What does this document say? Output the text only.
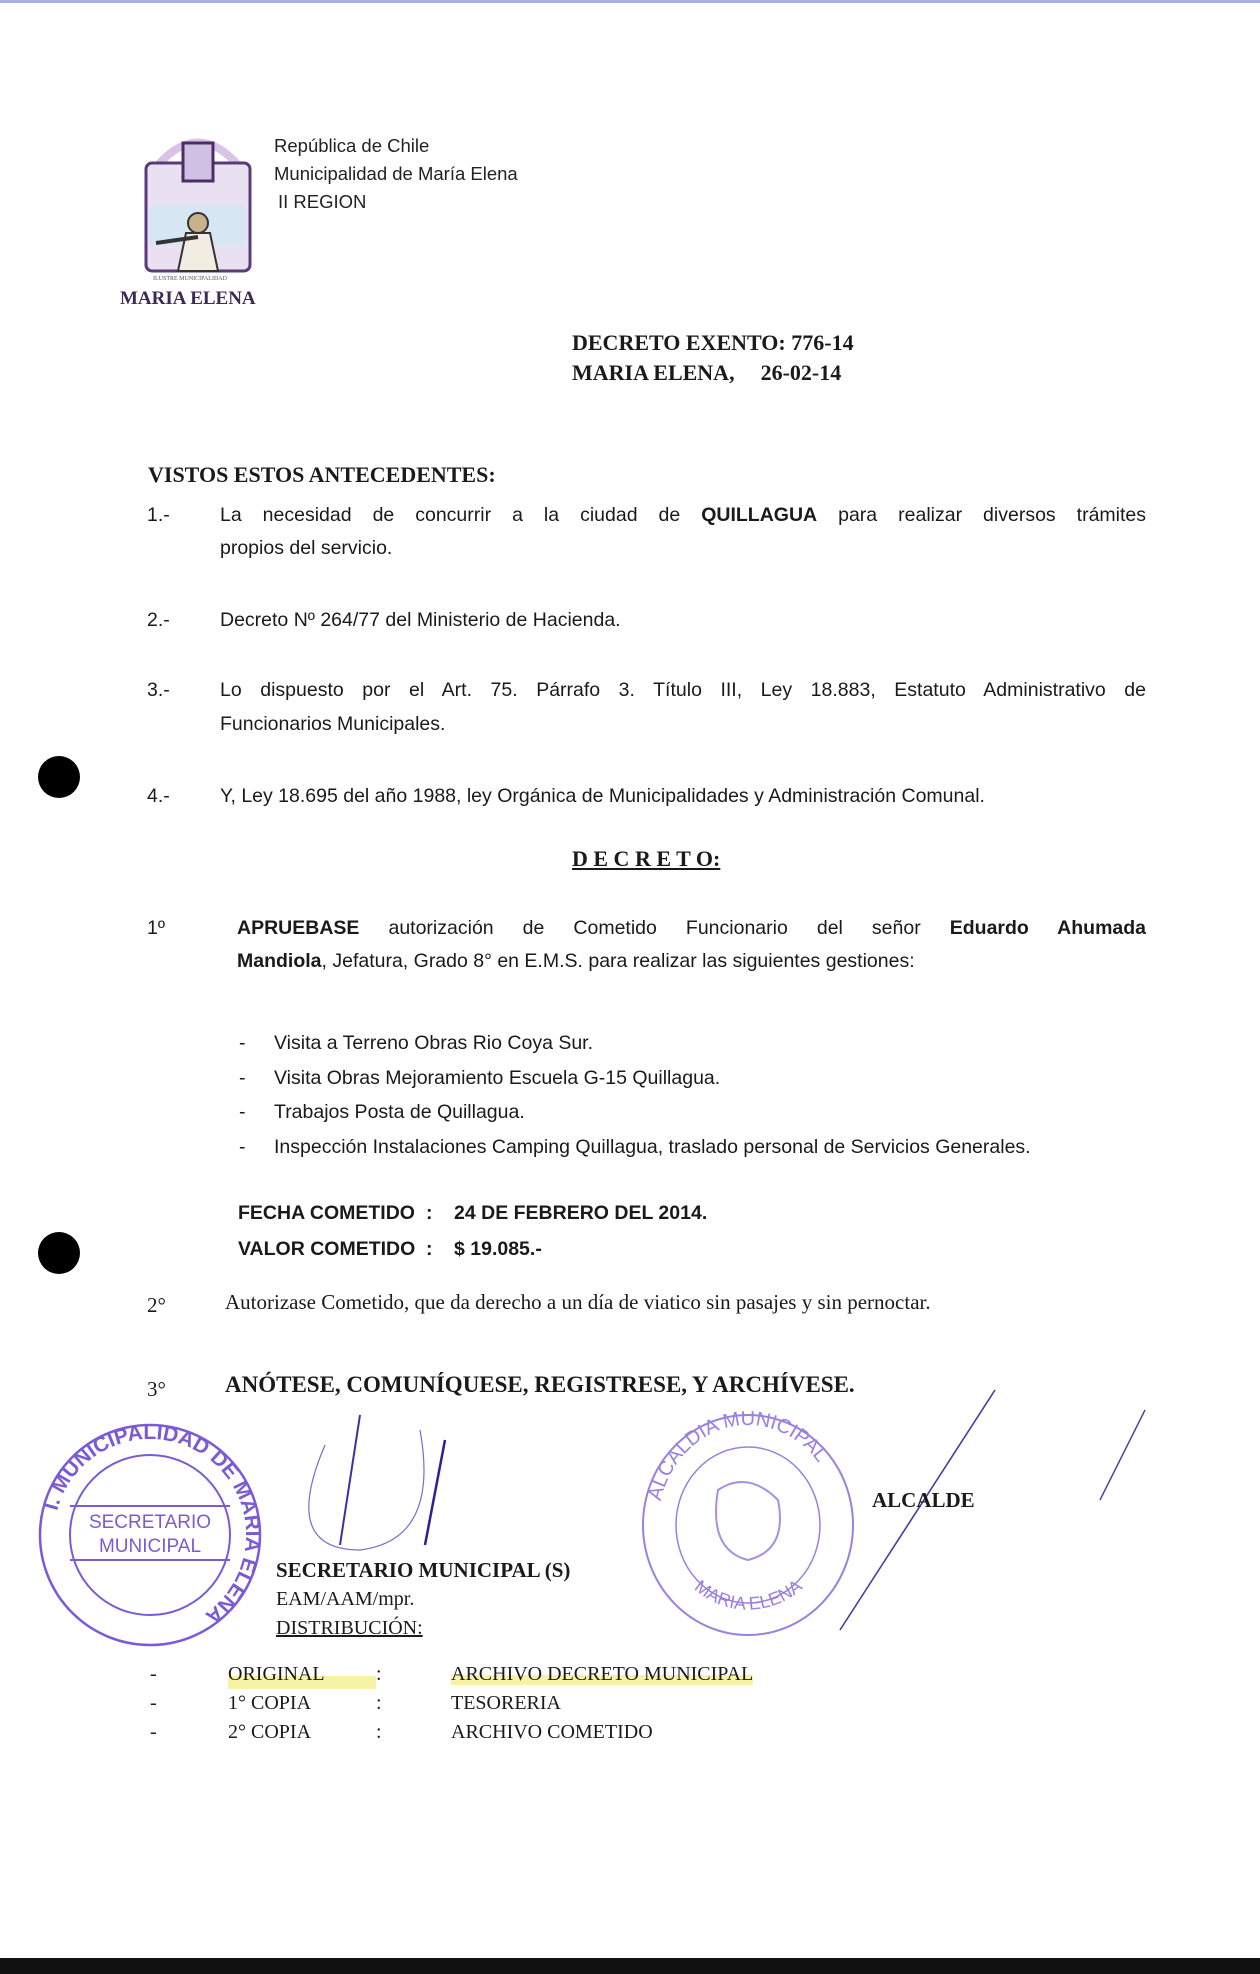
ILUSTRE MUNICIPALIDAD
MARIA ELENA
República de Chile
Municipalidad de María Elena
II REGION
DECRETO EXENTO: 776-14
MARIA ELENA, 26-02-14
VISTOS ESTOS ANTECEDENTES:
1.-	La necesidad de concurrir a la ciudad de QUILLAGUA para realizar diversos trámites
propios del servicio.
2.-	Decreto Nº 264/77 del Ministerio de Hacienda.
3.-	Lo dispuesto por el Art. 75. Párrafo 3. Título III, Ley 18.883, Estatuto Administrativo de
Funcionarios Municipales.
4.-	Y, Ley 18.695 del año 1988, ley Orgánica de Municipalidades y Administración Comunal.
D E C R E T O:
1º	APRUEBASE autorización de Cometido Funcionario del señor Eduardo Ahumada
Mandiola, Jefatura, Grado 8° en E.M.S. para realizar las siguientes gestiones:
- Visita a Terreno Obras Rio Coya Sur.
- Visita Obras Mejoramiento Escuela G-15 Quillagua.
- Trabajos Posta de Quillagua.
- Inspección Instalaciones Camping Quillagua, traslado personal de Servicios Generales.
FECHA COMETIDO : 24 DE FEBRERO DEL 2014.
VALOR COMETIDO : $ 19.085.-
2°	Autorizase Cometido, que da derecho a un día de viatico sin pasajes y sin pernoctar.
3°	ANÓTESE, COMUNÍQUESE, REGISTRESE, Y ARCHÍVESE.
I. MUNICIPALIDAD DE MARIA ELENA
SECRETARIO
MUNICIPAL
ALCALDIA MUNICIPAL
MARIA ELENA
ALCALDE
SECRETARIO MUNICIPAL (S)
EAM/AAM/mpr.
DISTRIBUCIÓN:
-	ORIGINAL	:	ARCHIVO DECRETO MUNICIPAL
-	1° COPIA	:	TESORERIA
-	2° COPIA	:	ARCHIVO COMETIDO
